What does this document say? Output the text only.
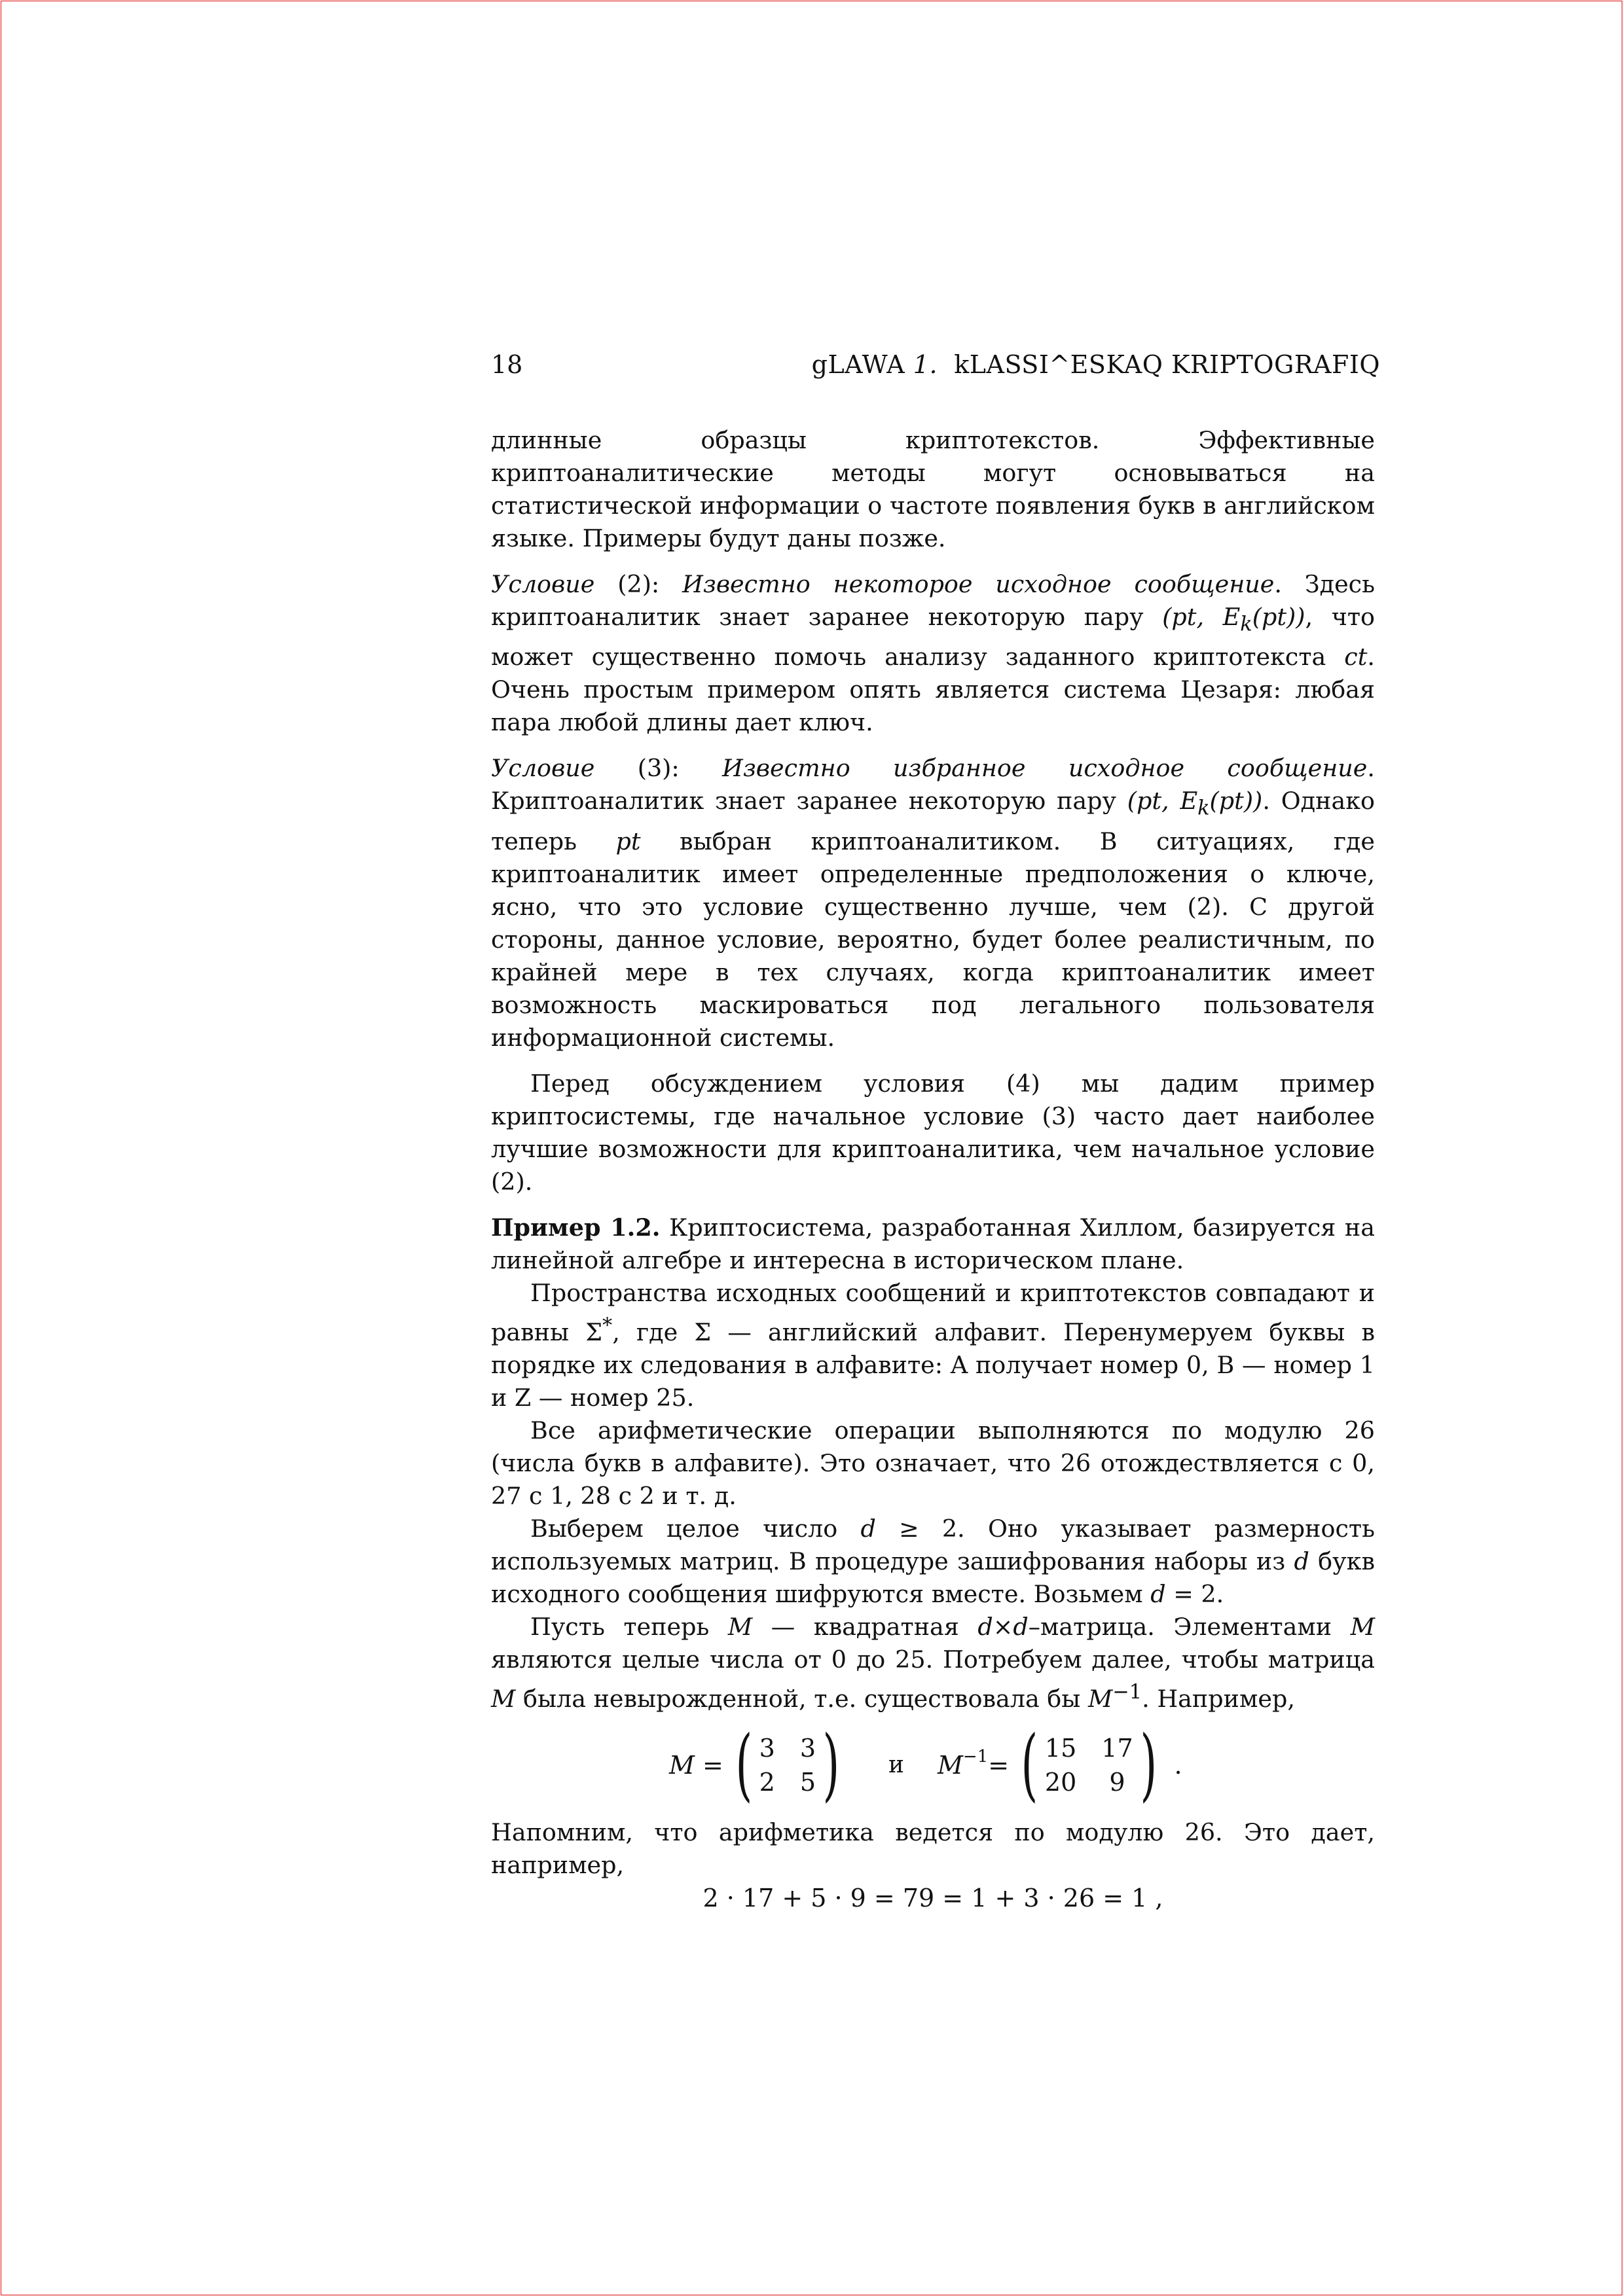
18	gLAWA 1. kLASSI^ESKAQ KRIPTOGRAFIQ

длинные образцы криптотекстов. Эффективные криптоаналитические методы могут основываться на статистической информации о частоте появления букв в английском языке. Примеры будут даны позже.

Условие (2): Известно некоторое исходное сообщение. Здесь криптоаналитик знает заранее некоторую пару (pt, $E_k(pt)$), что может существенно помочь анализу заданного криптотекста ct. Очень простым примером опять является система Цезаря: любая пара любой длины дает ключ.

Условие (3): Известно избранное исходное сообщение. Криптоаналитик знает заранее некоторую пару (pt, $E_k(pt)$). Однако теперь pt выбран криптоаналитиком. В ситуациях, где криптоаналитик имеет определенные предположения о ключе, ясно, что это условие существенно лучше, чем (2). С другой стороны, данное условие, вероятно, будет более реалистичным, по крайней мере в тех случаях, когда криптоаналитик имеет возможность маскироваться под легального пользователя информационной системы.

Перед обсуждением условия (4) мы дадим пример криптосистемы, где начальное условие (3) часто дает наиболее лучшие возможности для криптоаналитика, чем начальное условие (2).

Пример 1.2. Криптосистема, разработанная Хиллом, базируется на линейной алгебре и интересна в историческом плане.

Пространства исходных сообщений и криптотекстов совпадают и равны Σ*, где Σ — английский алфавит. Перенумеруем буквы в порядке их следования в алфавите: A получает номер 0, B — номер 1 и Z — номер 25.

Все арифметические операции выполняются по модулю 26 (числа букв в алфавите). Это означает, что 26 отождествляется с 0, 27 с 1, 28 с 2 и т. д.

Выберем целое число d ≥ 2. Оно указывает размерность используемых матриц. В процедуре зашифрования наборы из d букв исходного сообщения шифруются вместе. Возьмем d = 2.

Пусть теперь M — квадратная d×d–матрица. Элементами M являются целые числа от 0 до 25. Потребуем далее, чтобы матрица M была невырожденной, т.е. существовала бы $M^{-1}$. Например,

M = ( 3 3
2 5 ) и $M^{-1}$ = ( 15 17
20	9 ) .

Напомним, что арифметика ведется по модулю 26. Это дает, например,

2 · 17 + 5 · 9 = 79 = 1 + 3 · 26 = 1 ,
